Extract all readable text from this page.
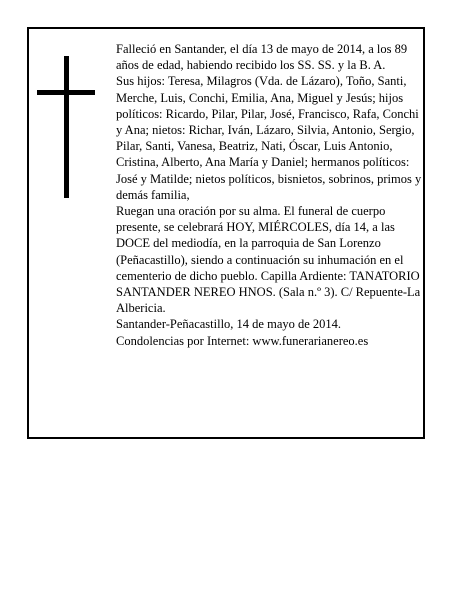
Falleció en Santander, el día 13 de mayo de 2014, a los 89 años de edad, habiendo recibido los SS. SS. y la B. A.

Sus hijos: Teresa, Milagros (Vda. de Lázaro), Toño, Santi, Merche, Luis, Conchi, Emilia, Ana, Miguel y Jesús; hijos políticos: Ricardo, Pilar, Pilar, José, Francisco, Rafa, Conchi y Ana; nietos: Richar, Iván, Lázaro, Silvia, Antonio, Sergio, Pilar, Santi, Vanesa, Beatriz, Nati, Óscar, Luis Antonio, Cristina, Alberto, Ana María y Daniel; hermanos políticos: José y Matilde; nietos políticos, bisnietos, sobrinos, primos y demás familia,

Ruegan una oración por su alma. El funeral de cuerpo presente, se celebrará HOY, MIÉRCOLES, día 14, a las DOCE del mediodía, en la parroquia de San Lorenzo (Peñacastillo), siendo a continuación su inhumación en el cementerio de dicho pueblo. Capilla Ardiente: TANATORIO SANTANDER NEREO HNOS. (Sala n.º 3). C/ Repuente-La Albericia.

Santander-Peñacastillo, 14 de mayo de 2014.

Condolencias por Internet: www.funerarianereo.es
